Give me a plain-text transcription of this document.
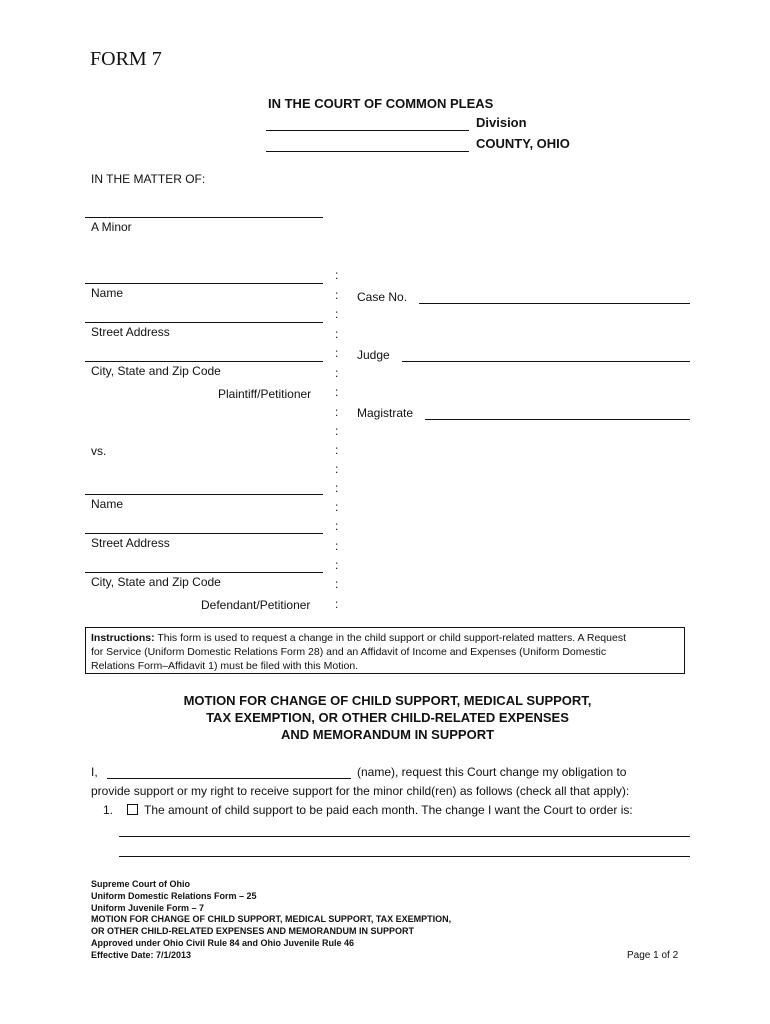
FORM 7
IN THE COURT OF COMMON PLEAS
Division
COUNTY, OHIO
IN THE MATTER OF:
A Minor
Name
Street Address
City, State and Zip Code
Plaintiff/Petitioner
vs.
Name
Street Address
City, State and Zip Code
Defendant/Petitioner
:
:
:
:
:
:
:
:
:
:
:
:
:
:
:
:
:
:
Case No.
Judge
Magistrate
Instructions: This form is used to request a change in the child support or child support-related matters. A Request
for Service (Uniform Domestic Relations Form 28) and an Affidavit of Income and Expenses (Uniform Domestic
Relations Form–Affidavit 1) must be filed with this Motion.
MOTION FOR CHANGE OF CHILD SUPPORT, MEDICAL SUPPORT,
TAX EXEMPTION, OR OTHER CHILD-RELATED EXPENSES
AND MEMORANDUM IN SUPPORT
I,	(name), request this Court change my obligation to
provide support or my right to receive support for the minor child(ren) as follows (check all that apply):
1.	The amount of child support to be paid each month. The change I want the Court to order is:
Supreme Court of Ohio
Uniform Domestic Relations Form – 25
Uniform Juvenile Form – 7
MOTION FOR CHANGE OF CHILD SUPPORT, MEDICAL SUPPORT, TAX EXEMPTION,
OR OTHER CHILD-RELATED EXPENSES AND MEMORANDUM IN SUPPORT
Approved under Ohio Civil Rule 84 and Ohio Juvenile Rule 46
Effective Date: 7/1/2013	Page 1 of 2
